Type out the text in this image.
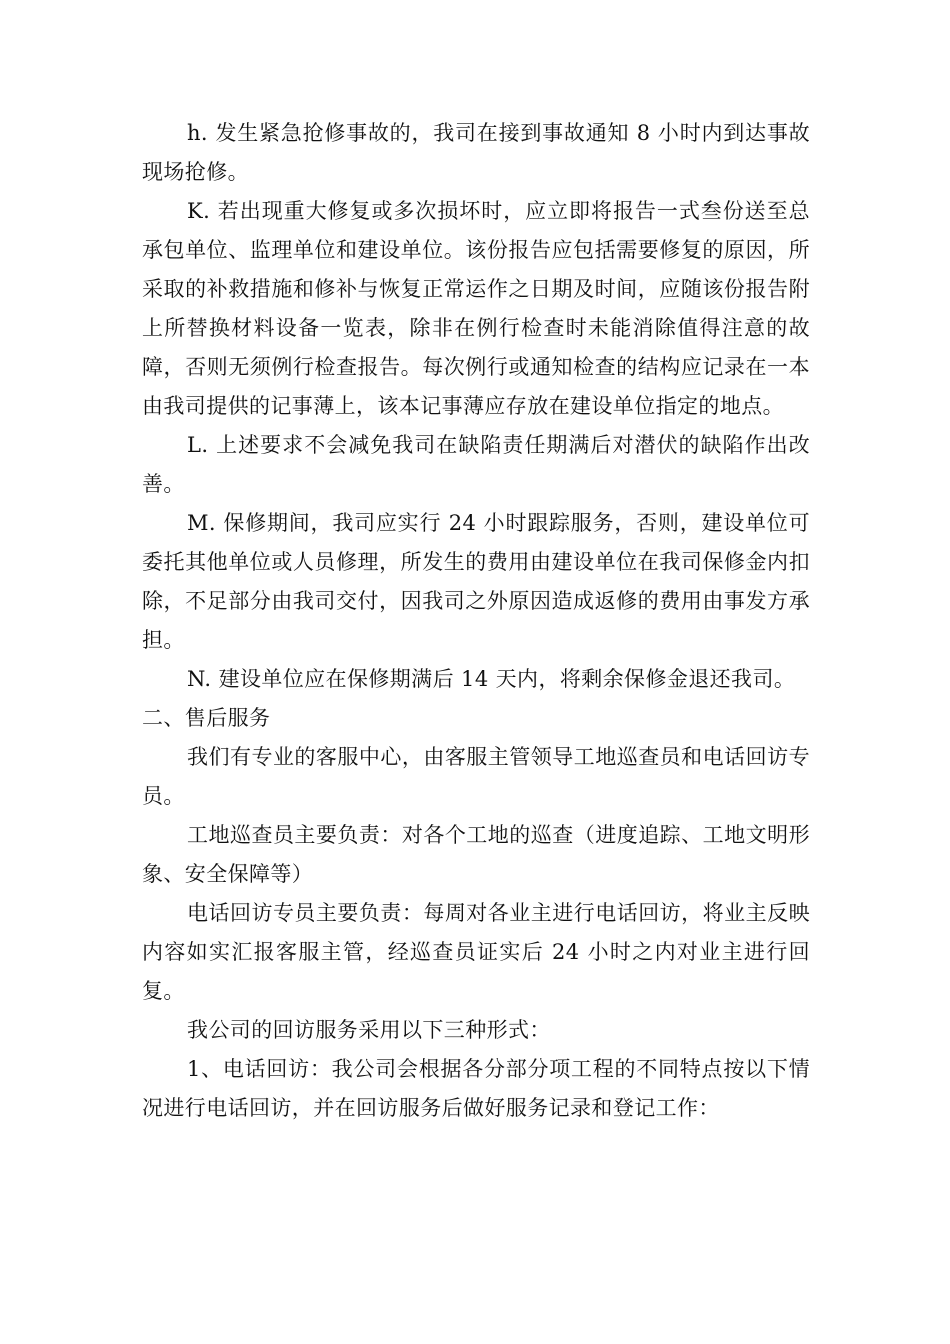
h. 发生紧急抢修事故的，我司在接到事故通知 8 小时内到达事故现场抢修。

K. 若出现重大修复或多次损坏时，应立即将报告一式叁份送至总承包单位、监理单位和建设单位。该份报告应包括需要修复的原因，所采取的补救措施和修补与恢复正常运作之日期及时间，应随该份报告附上所替换材料设备一览表，除非在例行检查时未能消除值得注意的故障，否则无须例行检查报告。每次例行或通知检查的结构应记录在一本由我司提供的记事薄上，该本记事薄应存放在建设单位指定的地点。

L. 上述要求不会减免我司在缺陷责任期满后对潜伏的缺陷作出改善。

M. 保修期间，我司应实行 24 小时跟踪服务，否则，建设单位可委托其他单位或人员修理，所发生的费用由建设单位在我司保修金内扣除，不足部分由我司交付，因我司之外原因造成返修的费用由事发方承担。

N. 建设单位应在保修期满后 14 天内，将剩余保修金退还我司。

二、售后服务

我们有专业的客服中心，由客服主管领导工地巡查员和电话回访专员。

工地巡查员主要负责：对各个工地的巡查（进度追踪、工地文明形象、安全保障等）

电话回访专员主要负责：每周对各业主进行电话回访，将业主反映内容如实汇报客服主管，经巡查员证实后 24 小时之内对业主进行回复。

我公司的回访服务采用以下三种形式：

1、电话回访：我公司会根据各分部分项工程的不同特点按以下情况进行电话回访，并在回访服务后做好服务记录和登记工作：
